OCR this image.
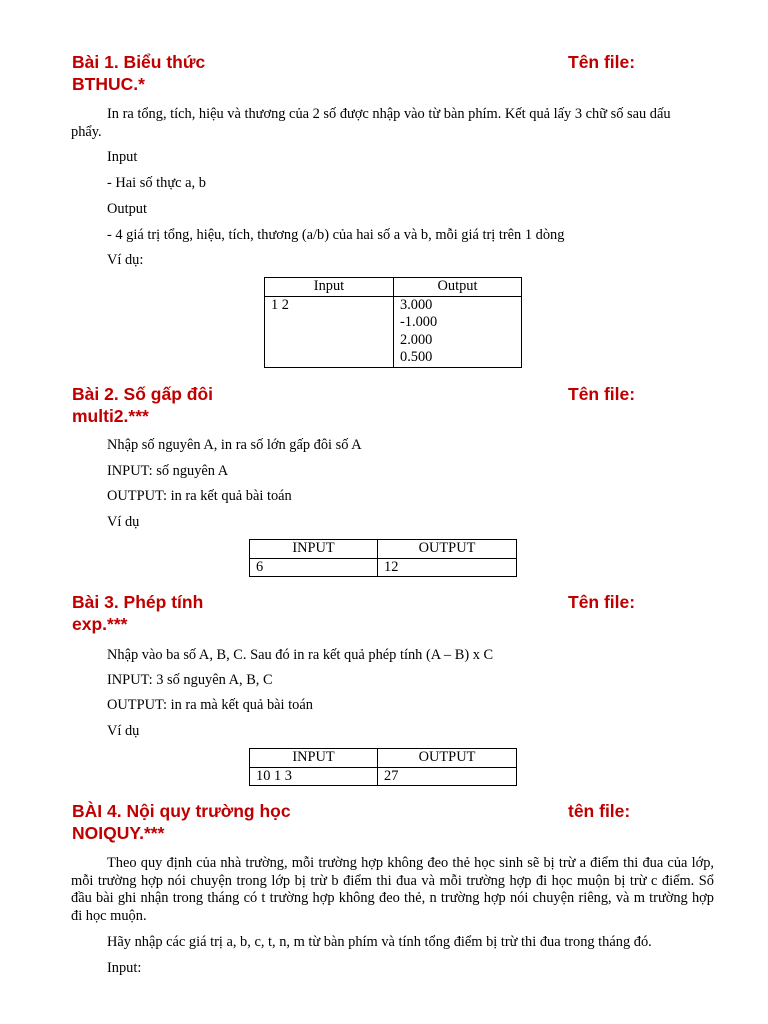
Bài 1. Biểu thức	Tên file:
BTHUC.*
In ra tổng, tích, hiệu và thương của 2 số được nhập vào từ bàn phím. Kết quả lấy 3 chữ số sau dấu
phẩy.
Input
- Hai số thực a, b
Output
- 4 giá trị tổng, hiệu, tích, thương (a/b) của hai số a và b, mỗi giá trị trên 1 dòng
Ví dụ:
Input	Output
1 2	3.000
-1.000
2.000
0.500
Bài 2. Số gấp đôi	Tên file:
multi2.***
Nhập số nguyên A, in ra số lớn gấp đôi số A
INPUT: số nguyên A
OUTPUT: in ra kết quả bài toán
Ví dụ
INPUT	OUTPUT
6	12
Bài 3. Phép tính	Tên file:
exp.***
Nhập vào ba số A, B, C. Sau đó in ra kết quả phép tính (A – B) x C
INPUT: 3 số nguyên A, B, C
OUTPUT: in ra mà kết quả bài toán
Ví dụ
INPUT	OUTPUT
10 1 3	27
BÀI 4. Nội quy trường học	tên file:
NOIQUY.***
Theo quy định của nhà trường, mỗi trường hợp không đeo thẻ học sinh sẽ bị trừ a điểm thi đua của lớp, mỗi trường hợp nói chuyện trong lớp bị trừ b điểm thi đua và mỗi trường hợp đi học muộn bị trừ c điểm. Sổ đầu bài ghi nhận trong tháng có t trường hợp không đeo thẻ, n trường hợp nói chuyện riêng, và m trường hợp đi học muộn.
Hãy nhập các giá trị a, b, c, t, n, m từ bàn phím và tính tổng điểm bị trừ thi đua trong tháng đó.
Input:
